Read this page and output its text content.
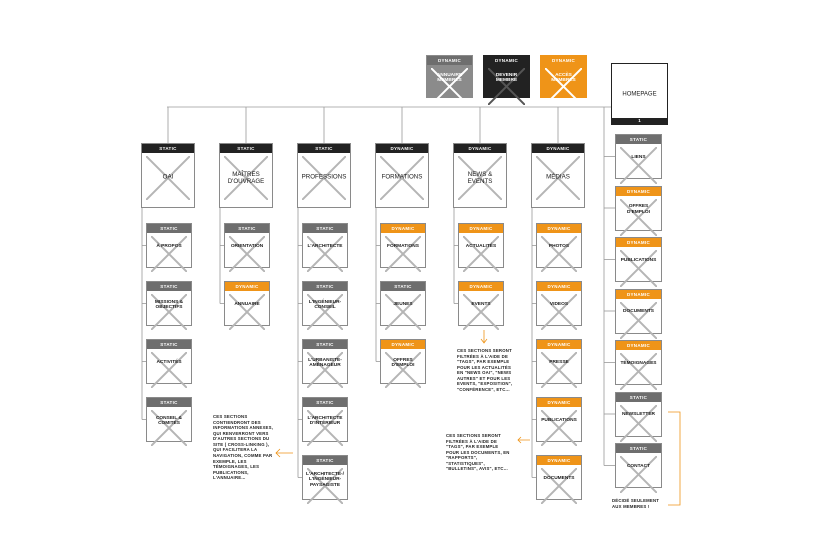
CES SECTIONS
CONTIENDRONT DES
INFORMATIONS ANNEXES,
QUI RENVERRONT VERS
D'AUTRES SECTIONS DU
SITE ( CROSS-LINKING ),
QUI FACILITERA LA
NAVIGATION, COMME PAR
EXEMPLE, LES
TÉMOIGNAGES, LES
PUBLICATIONS,
L'ANNUAIRE...
CES SECTIONS SERONT
FILTRÉES À L'AIDE DE
"TAGS", PAR EXEMPLE
POUR LES ACTUALITÉS
EN "NEWS OAI", "NEWS
AUTRES" ET POUR LES
EVENTS, "EXPOSITION",
"CONFÉRENCE", ETC...
CES SECTIONS SERONT
FILTRÉES À L'AIDE DE
"TAGS", PAR EXEMPLE
POUR LES DOCUMENTS, EN
"RAPPORTS",
"STATISTIQUES",
"BULLETINS", AVIS", ETC...
DÉCIDÉ SEULEMENT
AUX MEMBRES !
DYNAMIC
ANNUAIRE MEMBRES
DYNAMIC
DEVENIR MEMBRE
DYNAMIC
ACCÈS MEMBRES
HOMEPAGE
1
STATIC
OAI
STATIC
À PROPOS
STATIC
MISSIONS & OBJECTIFS
STATIC
ACTIVITÉS
STATIC
CONSEIL & COMITÉS
STATIC
MAÎTRES D'OUVRAGE
STATIC
ORIENTATION
DYNAMIC
ANNUAIRE
STATIC
PROFESSIONS
STATIC
L'ARCHITECTE
STATIC
L'INGÉNIEUR-CONSEIL
STATIC
L'URBANISTE-AMÉNAGEUR
STATIC
L'ARCHITECTE D'INTÉRIEUR
STATIC
L'ARCHITECTE-/ L'INGÉNIEUR-PAYSAGISTE
DYNAMIC
FORMATIONS
DYNAMIC
FORMATIONS
STATIC
JEUNES
DYNAMIC
OFFRES D'EMPLOI
DYNAMIC
NEWS & EVENTS
DYNAMIC
ACTUALITÉS
DYNAMIC
EVENTS
DYNAMIC
MÉDIAS
DYNAMIC
PHOTOS
DYNAMIC
VIDEOS
DYNAMIC
PRESSE
DYNAMIC
PUBLICATIONS
DYNAMIC
DOCUMENTS
STATIC
LIENS
DYNAMIC
OFFRES D'EMPLOI
DYNAMIC
PUBLICATIONS
DYNAMIC
DOCUMENTS
DYNAMIC
TÉMOIGNAGES
STATIC
NEWSLETTER
STATIC
CONTACT
